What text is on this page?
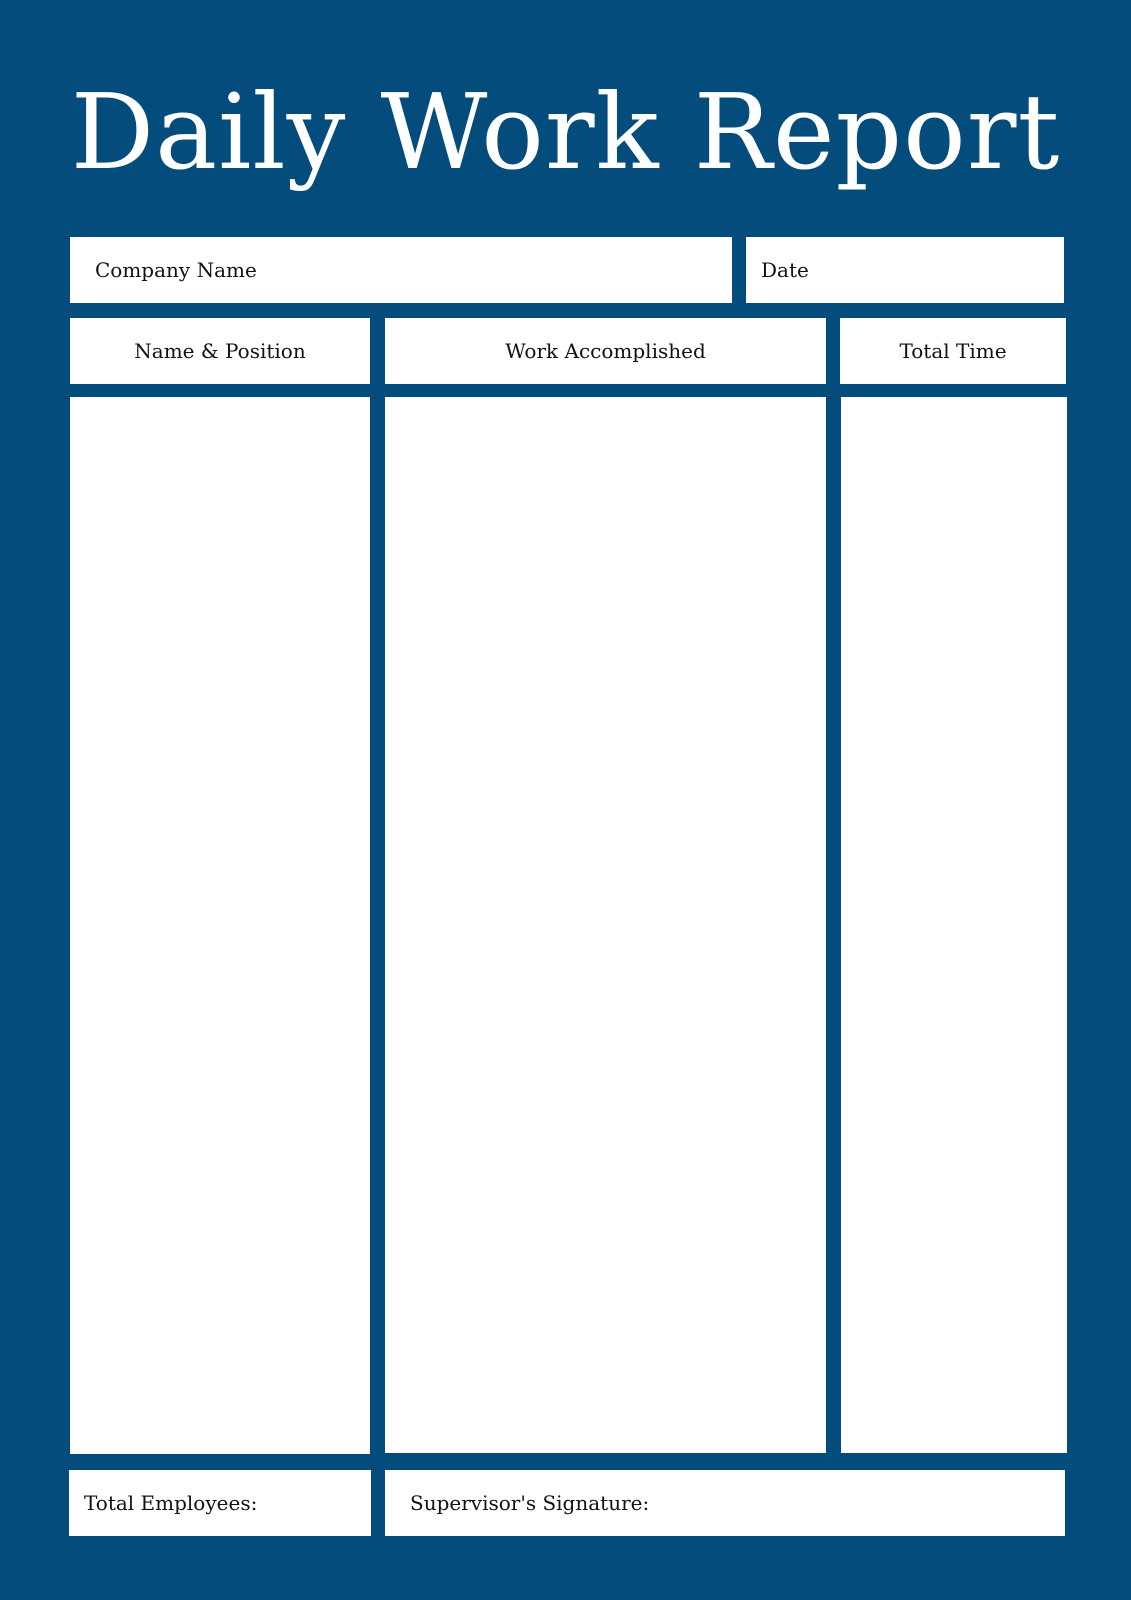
Daily Work Report
Company Name	Date
Name & Position	Work Accomplished	Total Time
Total Employees:	Supervisor's Signature:
